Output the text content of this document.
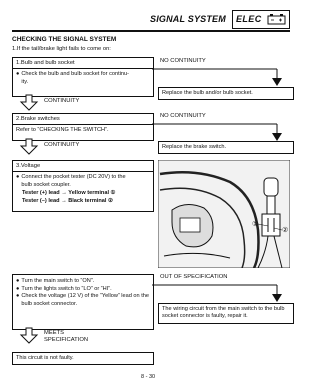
SIGNAL SYSTEM ELEC
CHECKING THE SIGNAL SYSTEM
1.If the tail/brake light fails to come on:
1.Bulb and bulb socket
● Check the bulb and bulb socket for continu-
ity.
CONTINUITY
NO CONTINUITY
Replace the bulb and/or bulb socket.
2.Brake switches
Refer to “CHECKING THE SWITCH”.
CONTINUITY
NO CONTINUITY
Replace the brake switch.
3.Voltage
● Connect the pocket tester (DC 20V) to the
bulb socket coupler.
Tester (+) lead → Yellow terminal ①
Tester (–) lead → Black terminal ②
①
②
● Turn the main switch to “ON”.
● Turn the lights switch to “LO” or “HI”.
● Check the voltage (12 V) of the “Yellow” lead on the bulb socket connector.
MEETS
SPECIFICATION
OUT OF SPECIFICATION
The wiring circuit from the main switch to the bulb socket connector is faulty, repair it.
This circuit is not faulty.
8 - 30
